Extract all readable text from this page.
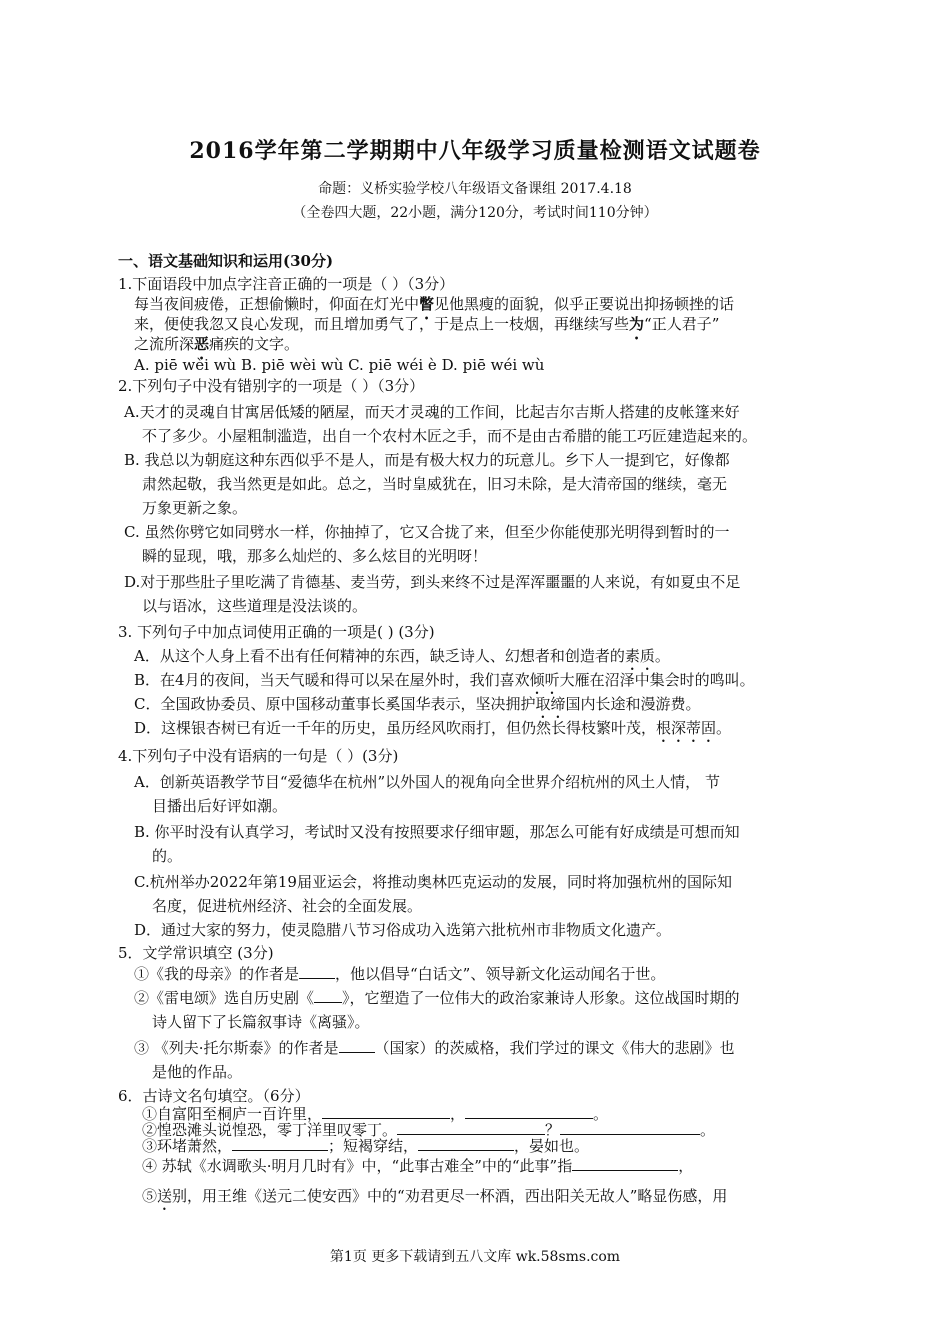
2016学年第二学期期中八年级学习质量检测语文试题卷
命题：义桥实验学校八年级语文备课组 2017.4.18
（全卷四大题，22小题，满分120分，考试时间110分钟）
一、语文基础知识和运用(30分)
1.下面语段中加点字注音正确的一项是（ ）（3分）
每当夜间疲倦，正想偷懒时，仰面在灯光中瞥见他黑瘦的面貌，似乎正要说出抑扬顿挫的话
来，便使我忽又良心发现，而且增加勇气了，于是点上一枝烟，再继续写些为“正人君子”
之流所深恶痛疾的文字。
A. piē wèi wù B. piē wèi wù C. piē wéi è D. piē wéi wù
2.下列句子中没有错别字的一项是（ ）（3分）
A.天才的灵魂自甘寓居低矮的陋屋，而天才灵魂的工作间，比起吉尔吉斯人搭建的皮帐篷来好
不了多少。小屋粗制滥造，出自一个农村木匠之手，而不是由古希腊的能工巧匠建造起来的。
B. 我总以为朝庭这种东西似乎不是人，而是有极大权力的玩意儿。乡下人一提到它，好像都
肃然起敬，我当然更是如此。总之，当时皇威犹在，旧习未除，是大清帝国的继续，毫无
万象更新之象。
C. 虽然你劈它如同劈水一样，你抽掉了，它又合拢了来，但至少你能使那光明得到暂时的一
瞬的显现，哦，那多么灿烂的、多么炫目的光明呀！
D.对于那些肚子里吃满了肯德基、麦当劳，到头来终不过是浑浑噩噩的人来说，有如夏虫不足
以与语冰，这些道理是没法谈的。
3. 下列句子中加点词使用正确的一项是( ) (3分)
A．从这个人身上看不出有任何精神的东西，缺乏诗人、幻想者和创造者的素质。
B．在4月的夜间，当天气暖和得可以呆在屋外时，我们喜欢倾听大雁在沼泽中集会时的鸣叫。
C．全国政协委员、原中国移动董事长奚国华表示，坚决拥护取缔国内长途和漫游费。
D．这棵银杏树已有近一千年的历史，虽历经风吹雨打，但仍然长得枝繁叶茂，根深蒂固。
4.下列句子中没有语病的一句是（ ）(3分)
A．创新英语教学节目“爱德华在杭州”以外国人的视角向全世界介绍杭州的风土人情， 节
目播出后好评如潮。
B. 你平时没有认真学习，考试时又没有按照要求仔细审题，那怎么可能有好成绩是可想而知
的。
C.杭州举办2022年第19届亚运会，将推动奥林匹克运动的发展，同时将加强杭州的国际知
名度，促进杭州经济、社会的全面发展。
D．通过大家的努力，使灵隐腊八节习俗成功入选第六批杭州市非物质文化遗产。
5．文学常识填空 (3分)
①《我的母亲》的作者是 ，他以倡导“白话文”、领导新文化运动闻名于世。
②《雷电颂》选自历史剧《 》，它塑造了一位伟大的政治家兼诗人形象。这位战国时期的
诗人留下了长篇叙事诗《离骚》。
③ 《列夫·托尔斯泰》的作者是 （国家）的茨威格，我们学过的课文《伟大的悲剧》也
是他的作品。
6．古诗文名句填空。（6分）
①自富阳至桐庐一百许里，	，	。
②惶恐滩头说惶恐，零丁洋里叹零丁。	？	。
③环堵萧然，	；短褐穿结，	，晏如也。
④ 苏轼《水调歌头·明月几时有》中，“此事古难全”中的“此事”指	，
⑤送别，用王维《送元二使安西》中的“劝君更尽一杯酒，西出阳关无故人”略显伤感，用
第1页 更多下载请到五八文库 wk.58sms.com
